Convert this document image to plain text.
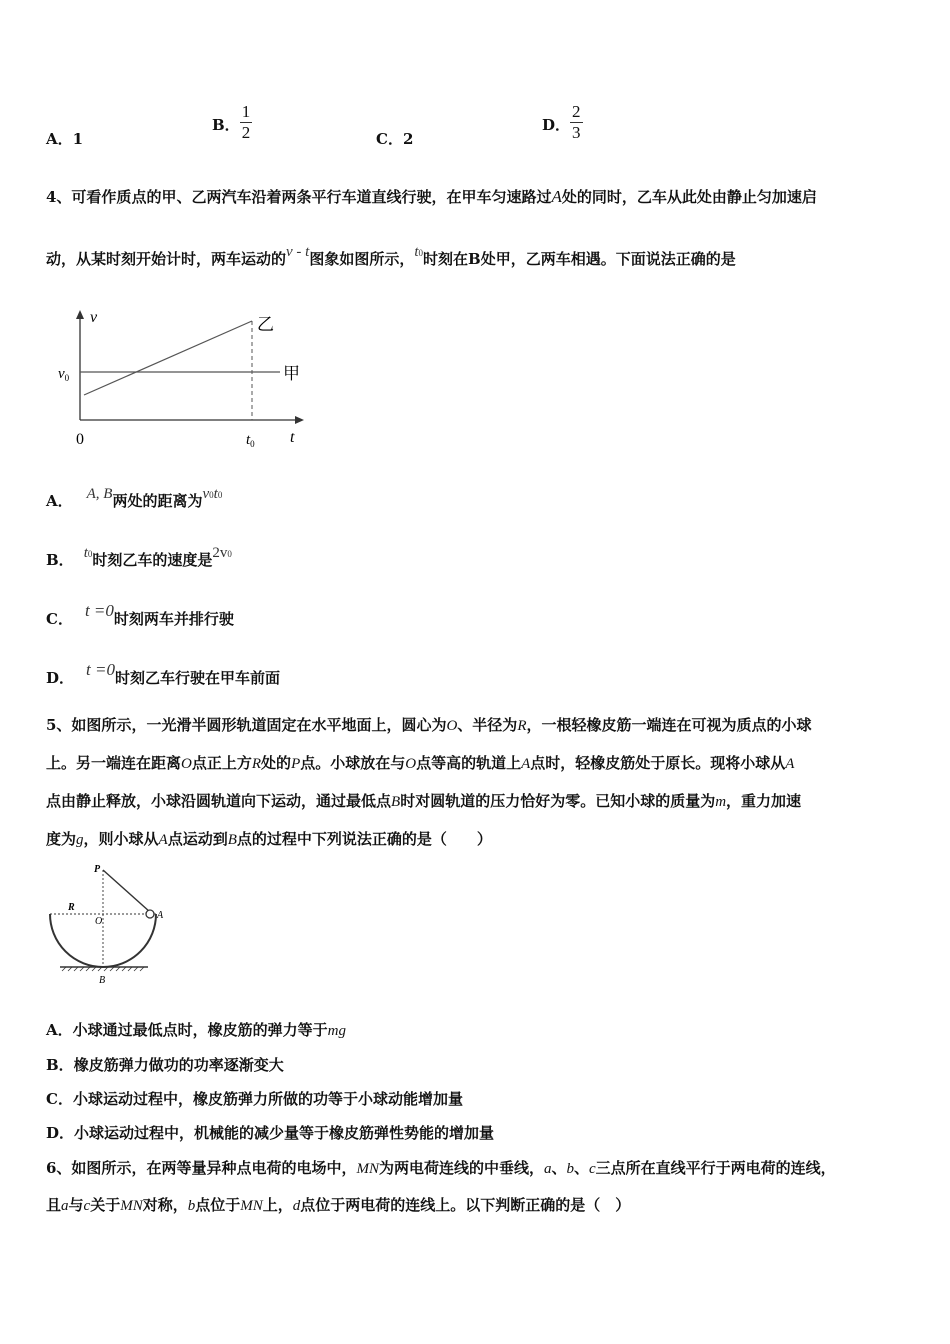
A．1
B． $\frac{1}{2}$	C．2
D． $\frac{2}{3}$

4、可看作质点的甲、乙两汽车沿着两条平行车道直线行驶，在甲车匀速路过A处的同时，乙车从此处由静止匀加速启

动，从某时刻开始计时，两车运动的v - t图象如图所示，t0时刻在B处甲，乙两车相遇。下面说法正确的是

v
t
0
$v_0$
$t_0$
乙
甲

A． A, B两处的距离为v0t0

B． t0时刻乙车的速度是2v0

C． t =0时刻两车并排行驶

D． t =0时刻乙车行驶在甲车前面

5、如图所示，一光滑半圆形轨道固定在水平地面上，圆心为O、半径为R，一根轻橡皮筋一端连在可视为质点的小球

上。另一端连在距离O点正上方R处的P点。小球放在与O点等高的轨道上A点时，轻橡皮筋处于原长。现将小球从A

点由静止释放，小球沿圆轨道向下运动，通过最低点B时对圆轨道的压力恰好为零。已知小球的质量为m，重力加速

度为g，则小球从A点运动到B点的过程中下列说法正确的是（　　）

P
R
O
A
B

A．小球通过最低点时，橡皮筋的弹力等于mg

B．橡皮筋弹力做功的功率逐渐变大

C．小球运动过程中，橡皮筋弹力所做的功等于小球动能增加量

D．小球运动过程中，机械能的减少量等于橡皮筋弹性势能的增加量

6、如图所示，在两等量异种点电荷的电场中，MN为两电荷连线的中垂线，a、b、c三点所在直线平行于两电荷的连线，

且a与c关于MN对称，b点位于MN上，d点位于两电荷的连线上。以下判断正确的是（　）
